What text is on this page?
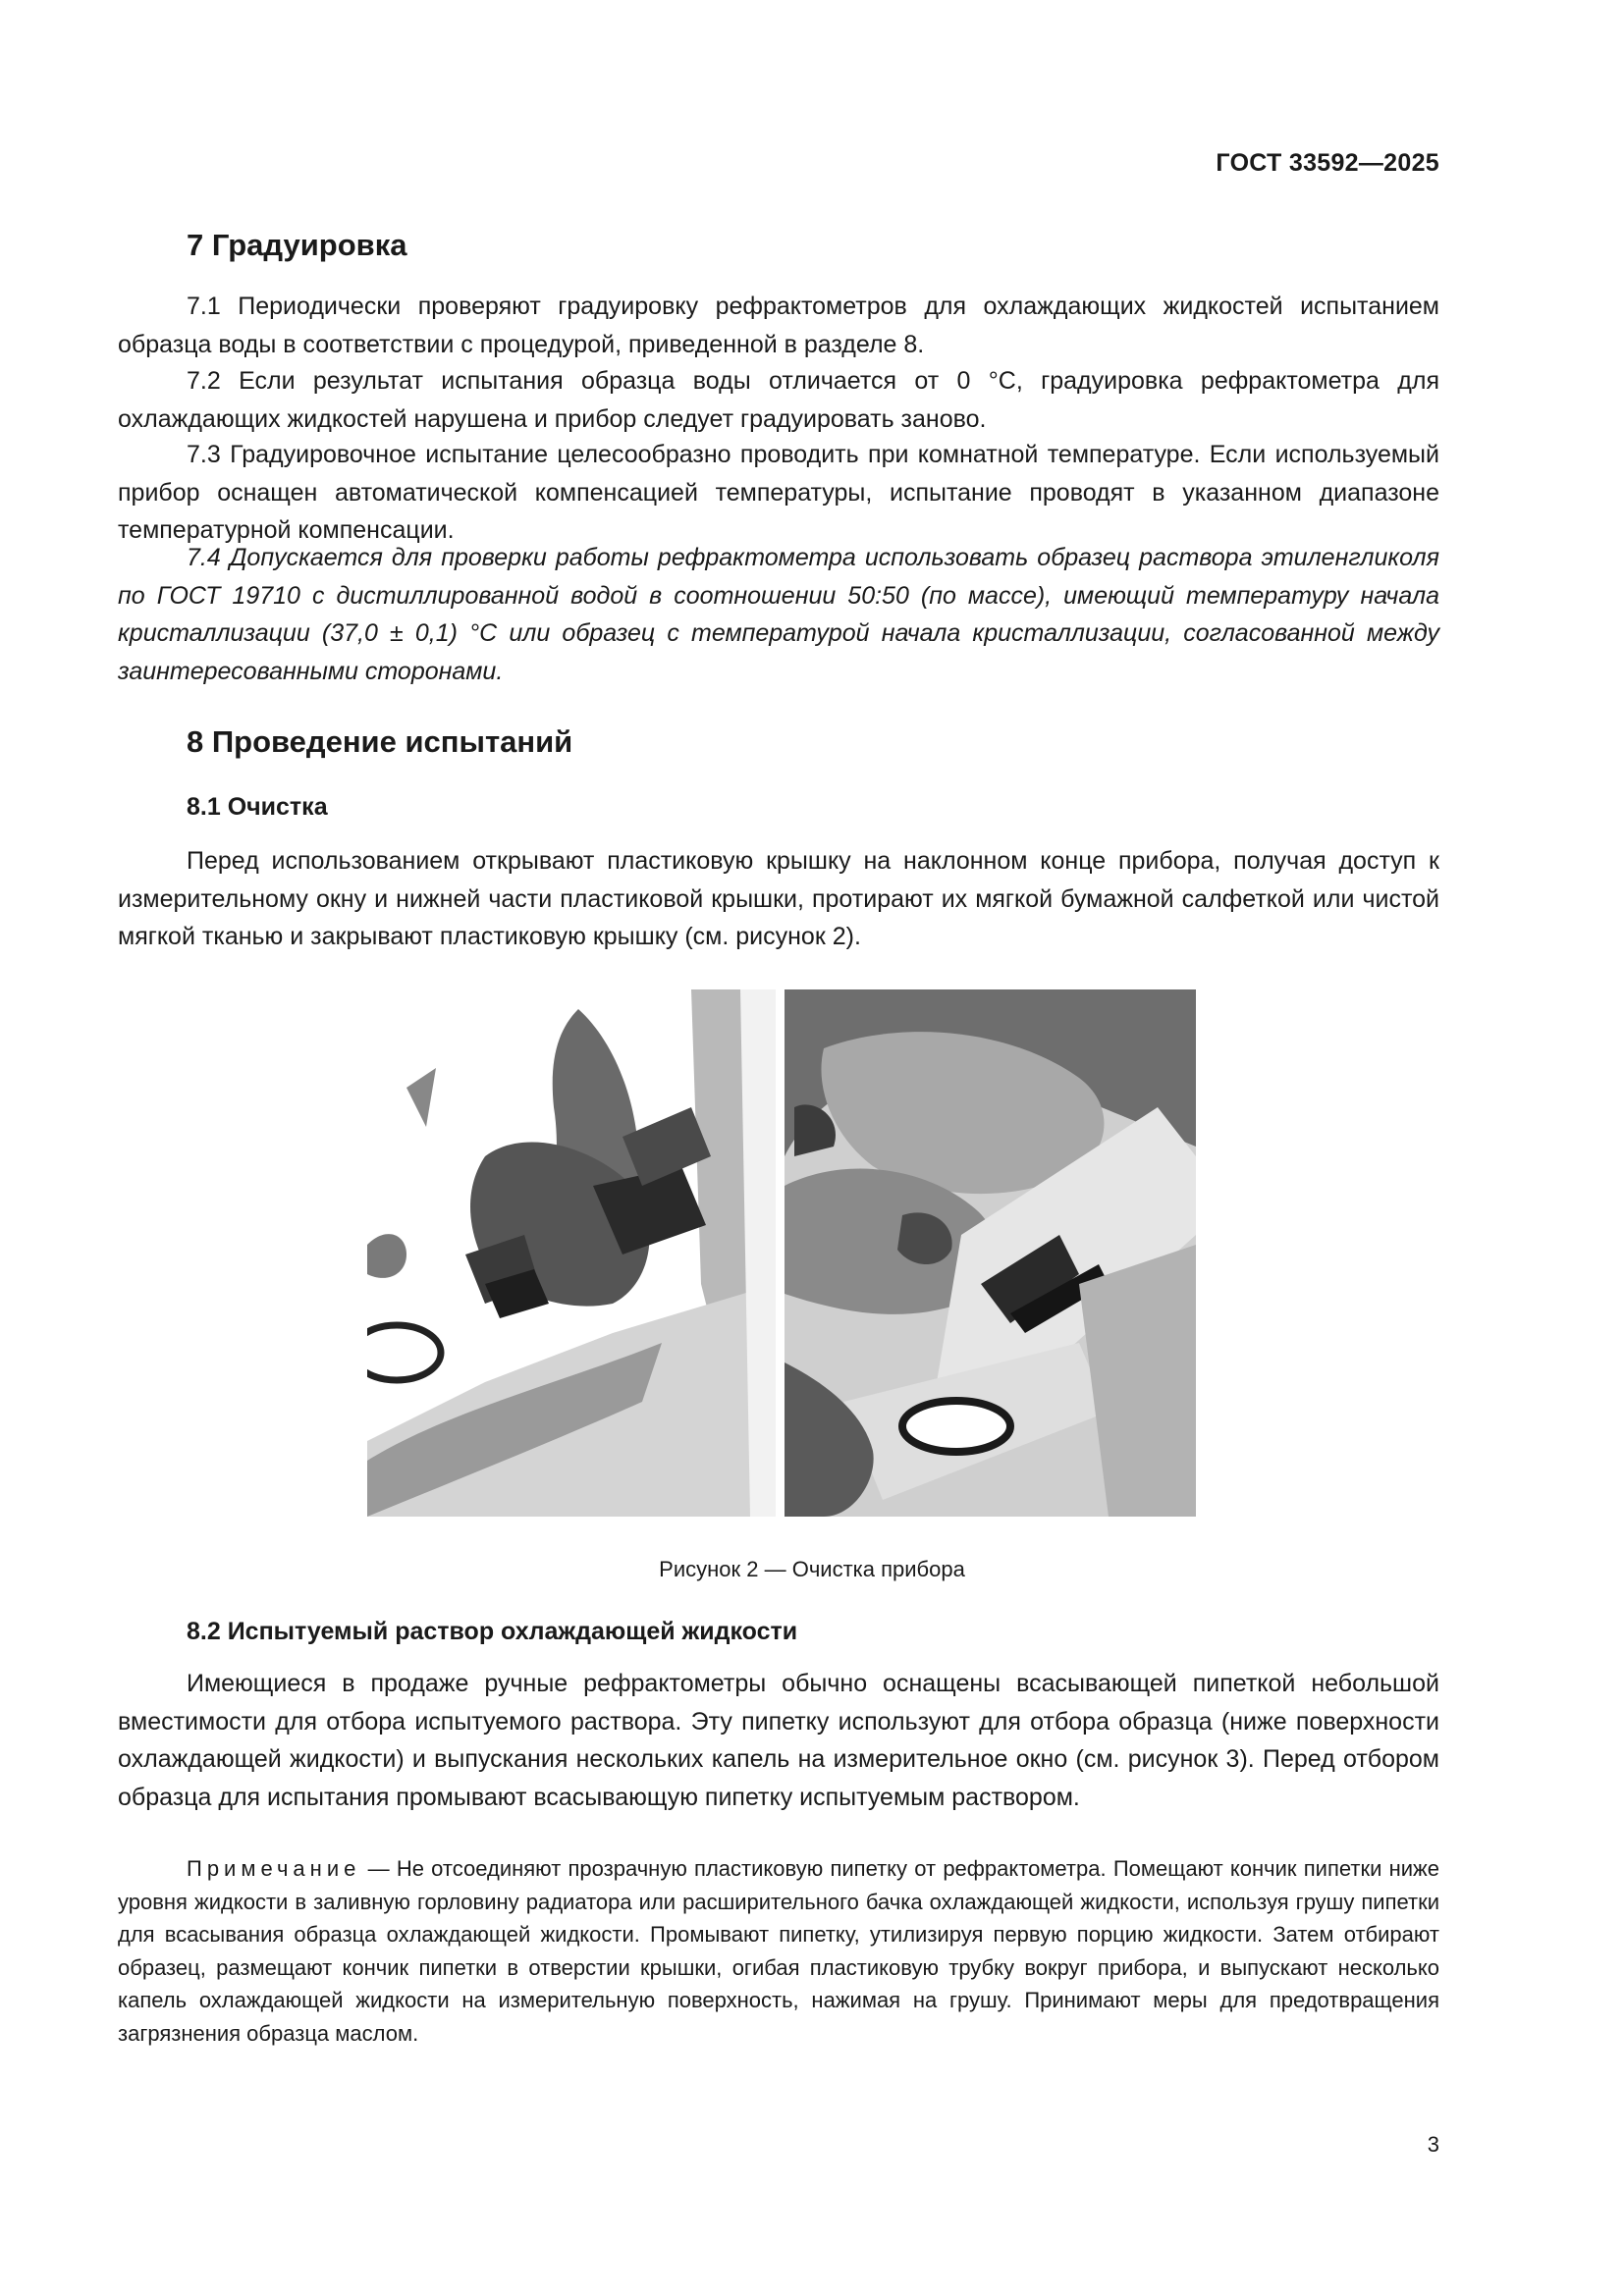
ГОСТ 33592—2025
7 Градуировка

7.1 Периодически проверяют градуировку рефрактометров для охлаждающих жидкостей испытанием образца воды в соответствии с процедурой, приведенной в разделе 8.

7.2 Если результат испытания образца воды отличается от 0 °С, градуировка рефрактометра для охлаждающих жидкостей нарушена и прибор следует градуировать заново.

7.3 Градуировочное испытание целесообразно проводить при комнатной температуре. Если используемый прибор оснащен автоматической компенсацией температуры, испытание проводят в указанном диапазоне температурной компенсации.

7.4 Допускается для проверки работы рефрактометра использовать образец раствора этиленгликоля по ГОСТ 19710 с дистиллированной водой в соотношении 50:50 (по массе), имеющий температуру начала кристаллизации (37,0 ± 0,1) °С или образец с температурой начала кристаллизации, согласованной между заинтересованными сторонами.

8 Проведение испытаний
8.1 Очистка

Перед использованием открывают пластиковую крышку на наклонном конце прибора, получая доступ к измерительному окну и нижней части пластиковой крышки, протирают их мягкой бумажной салфеткой или чистой мягкой тканью и закрывают пластиковую крышку (см. рисунок 2).

8.2 Испытуемый раствор охлаждающей жидкости

Имеющиеся в продаже ручные рефрактометры обычно оснащены всасывающей пипеткой небольшой вместимости для отбора испытуемого раствора. Эту пипетку используют для отбора образца (ниже поверхности охлаждающей жидкости) и выпускания нескольких капель на измерительное окно (см. рисунок 3). Перед отбором образца для испытания промывают всасывающую пипетку испытуемым раствором.

Примечание — Не отсоединяют прозрачную пластиковую пипетку от рефрактометра. Помещают кончик пипетки ниже уровня жидкости в заливную горловину радиатора или расширительного бачка охлаждающей жидкости, используя грушу пипетки для всасывания образца охлаждающей жидкости. Промывают пипетку, утилизируя первую порцию жидкости. Затем отбирают образец, размещают кончик пипетки в отверстии крышки, огибая пластиковую трубку вокруг прибора, и выпускают несколько капель охлаждающей жидкости на измерительную поверхность, нажимая на грушу. Принимают меры для предотвращения загрязнения образца маслом.

Рисунок 2 — Очистка прибора
3
